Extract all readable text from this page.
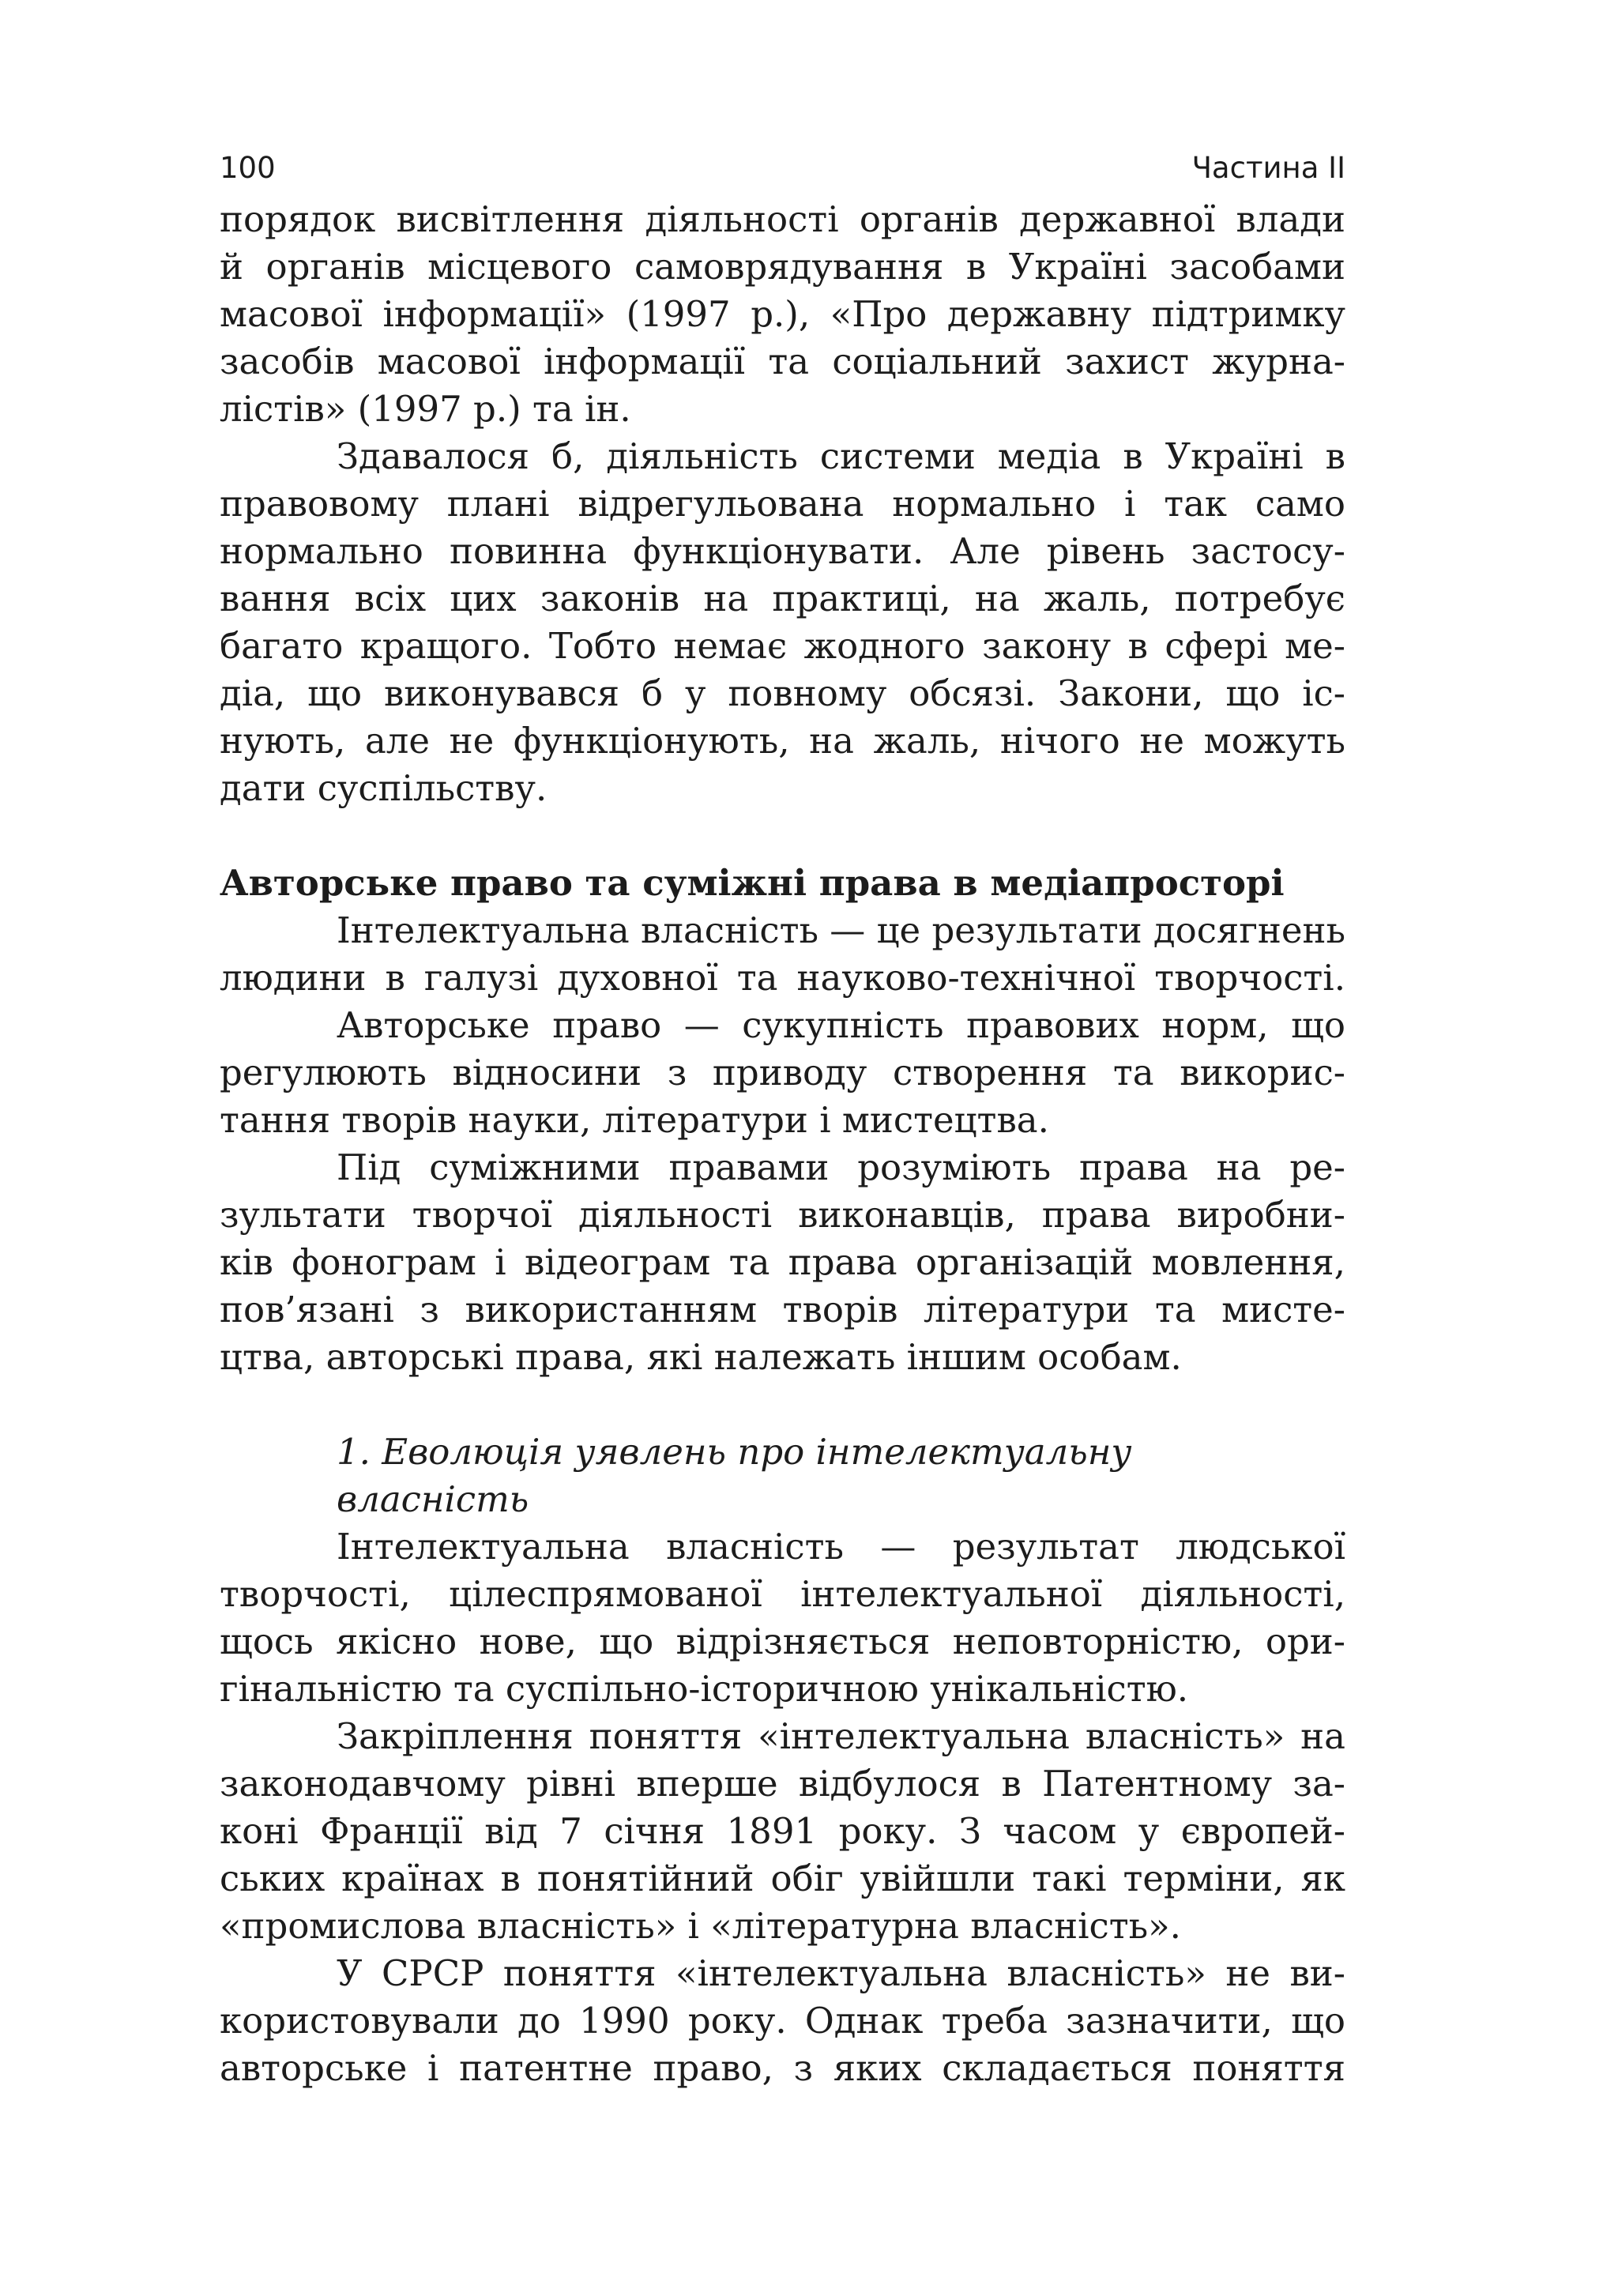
100	Частина II
порядок висвітлення діяльності органів державної влади
й органів місцевого самоврядування в Україні засобами
масової інформації» (1997 р.), «Про державну підтримку
засобів масової інформації та соціальний захист журна-
лістів» (1997 р.) та ін.
Здавалося б, діяльність системи медіа в Україні в
правовому плані відрегульована нормально і так само
нормально повинна функціонувати. Але рівень застосу-
вання всіх цих законів на практиці, на жаль, потребує
багато кращого. Тобто немає жодного закону в сфері ме-
діа, що виконувався б у повному обсязі. Закони, що іс-
нують, але не функціонують, на жаль, нічого не можуть
дати суспільству.
Авторське право та суміжні права в медіапросторі
Інтелектуальна власність — це результати досягнень
людини в галузі духовної та науково-технічної творчості.
Авторське право — сукупність правових норм, що
регулюють відносини з приводу створення та викорис-
тання творів науки, літератури і мистецтва.
Під суміжними правами розуміють права на ре-
зультати творчої діяльності виконавців, права виробни-
ків фонограм і відеограм та права організацій мовлення,
пов’язані з використанням творів літератури та мисте-
цтва, авторські права, які належать іншим особам.
1. Еволюція уявлень про інтелектуальну
власність
Інтелектуальна власність — результат людської
творчості, цілеспрямованої інтелектуальної діяльності,
щось якісно нове, що відрізняється неповторністю, ори-
гінальністю та суспільно-історичною унікальністю.
Закріплення поняття «інтелектуальна власність» на
законодавчому рівні вперше відбулося в Патентному за-
коні Франції від 7 січня 1891 року. З часом у європей-
ських країнах в понятійний обіг увійшли такі терміни, як
«промислова власність» і «літературна власність».
У СРСР поняття «інтелектуальна власність» не ви-
користовували до 1990 року. Однак треба зазначити, що
авторське і патентне право, з яких складається поняття
